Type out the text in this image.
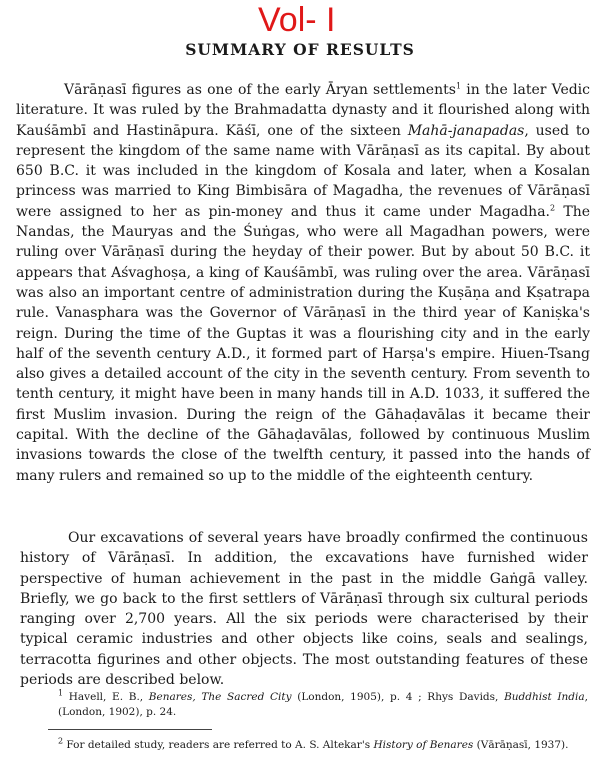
Vol- I
SUMMARY OF RESULTS

Vārāṇasī figures as one of the early Āryan settlements$^1$ in the later Vedic literature. It was ruled by the Brahmadatta dynasty and it flourished along with Kauśāmbī and Hastināpura. Kāśī, one of the sixteen Mahā-janapadas, used to represent the kingdom of the same name with Vārāṇasī as its capital. By about 650 B.C. it was included in the kingdom of Kosala and later, when a Kosalan princess was married to King Bimbisāra of Magadha, the revenues of Vārāṇasī were assigned to her as pin-money and thus it came under Magadha.$^2$ The Nandas, the Mauryas and the Śuṅgas, who were all Magadhan powers, were ruling over Vārāṇasī during the heyday of their power. But by about 50 B.C. it appears that Aśvaghoṣa, a king of Kauśāmbī, was ruling over the area. Vārāṇasī was also an important centre of administration during the Kuṣāṇa and Kṣatrapa rule. Vanasphara was the Governor of Vārāṇasī in the third year of Kaniṣka's reign. During the time of the Guptas it was a flourishing city and in the early half of the seventh century A.D., it formed part of Harṣa's empire. Hiuen-Tsang also gives a detailed account of the city in the seventh century. From seventh to tenth century, it might have been in many hands till in A.D. 1033, it suffered the first Muslim invasion. During the reign of the Gāhaḍavālas it became their capital. With the decline of the Gāhaḍavālas, followed by continuous Muslim invasions towards the close of the twelfth century, it passed into the hands of many rulers and remained so up to the middle of the eighteenth century.

Our excavations of several years have broadly confirmed the continuous history of Vārāṇasī. In addition, the excavations have furnished wider perspective of human achievement in the past in the middle Gaṅgā valley. Briefly, we go back to the first settlers of Vārāṇasī through six cultural periods ranging over 2,700 years. All the six periods were characterised by their typical ceramic industries and other objects like coins, seals and sealings, terracotta figurines and other objects. The most outstanding features of these periods are described below.

$^1$ Havell, E. B., Benares, The Sacred City (London, 1905), p. 4 ; Rhys Davids, Buddhist India, (London, 1902), p. 24.

$^2$ For detailed study, readers are referred to A. S. Altekar's History of Benares (Vārāṇasī, 1937).
